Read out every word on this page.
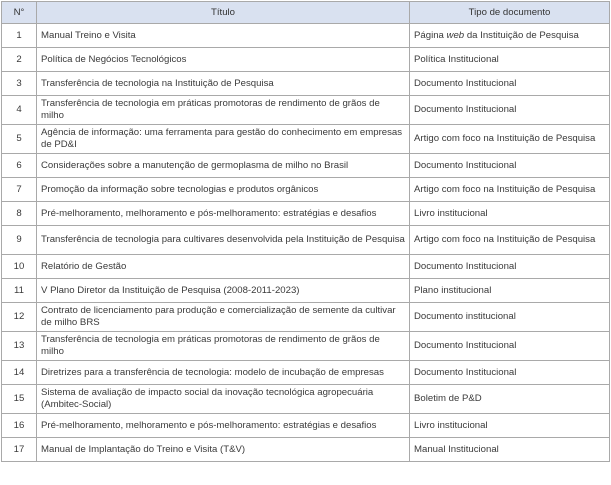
N°	Título	Tipo de documento
1	Manual Treino e Visita	Página web da Instituição de Pesquisa
2	Política de Negócios Tecnológicos	Política Institucional
3	Transferência de tecnologia na Instituição de Pesquisa	Documento Institucional
4	Transferência de tecnologia em práticas promotoras de rendimento de grãos de milho	Documento Institucional
5	Agência de informação: uma ferramenta para gestão do conhecimento em empresas de PD&I	Artigo com foco na Instituição de Pesquisa
6	Considerações sobre a manutenção de germoplasma de milho no Brasil	Documento Institucional
7	Promoção da informação sobre tecnologias e produtos orgânicos	Artigo com foco na Instituição de Pesquisa
8	Pré-melhoramento, melhoramento e pós-melhoramento: estratégias e desafios	Livro institucional
9	Transferência de tecnologia para cultivares desenvolvida pela Instituição de Pesquisa	Artigo com foco na Instituição de Pesquisa
10	Relatório de Gestão	Documento Institucional
11	V Plano Diretor da Instituição de Pesquisa (2008-2011-2023)	Plano institucional
12	Contrato de licenciamento para produção e comercialização de semente da cultivar de milho BRS	Documento institucional
13	Transferência de tecnologia em práticas promotoras de rendimento de grãos de milho	Documento Institucional
14	Diretrizes para a transferência de tecnologia: modelo de incubação de empresas	Documento Institucional
15	Sistema de avaliação de impacto social da inovação tecnológica agropecuária (Ambitec-Social)	Boletim de P&D
16	Pré-melhoramento, melhoramento e pós-melhoramento: estratégias e desafios	Livro institucional
17	Manual de Implantação do Treino e Visita (T&V)	Manual Institucional
